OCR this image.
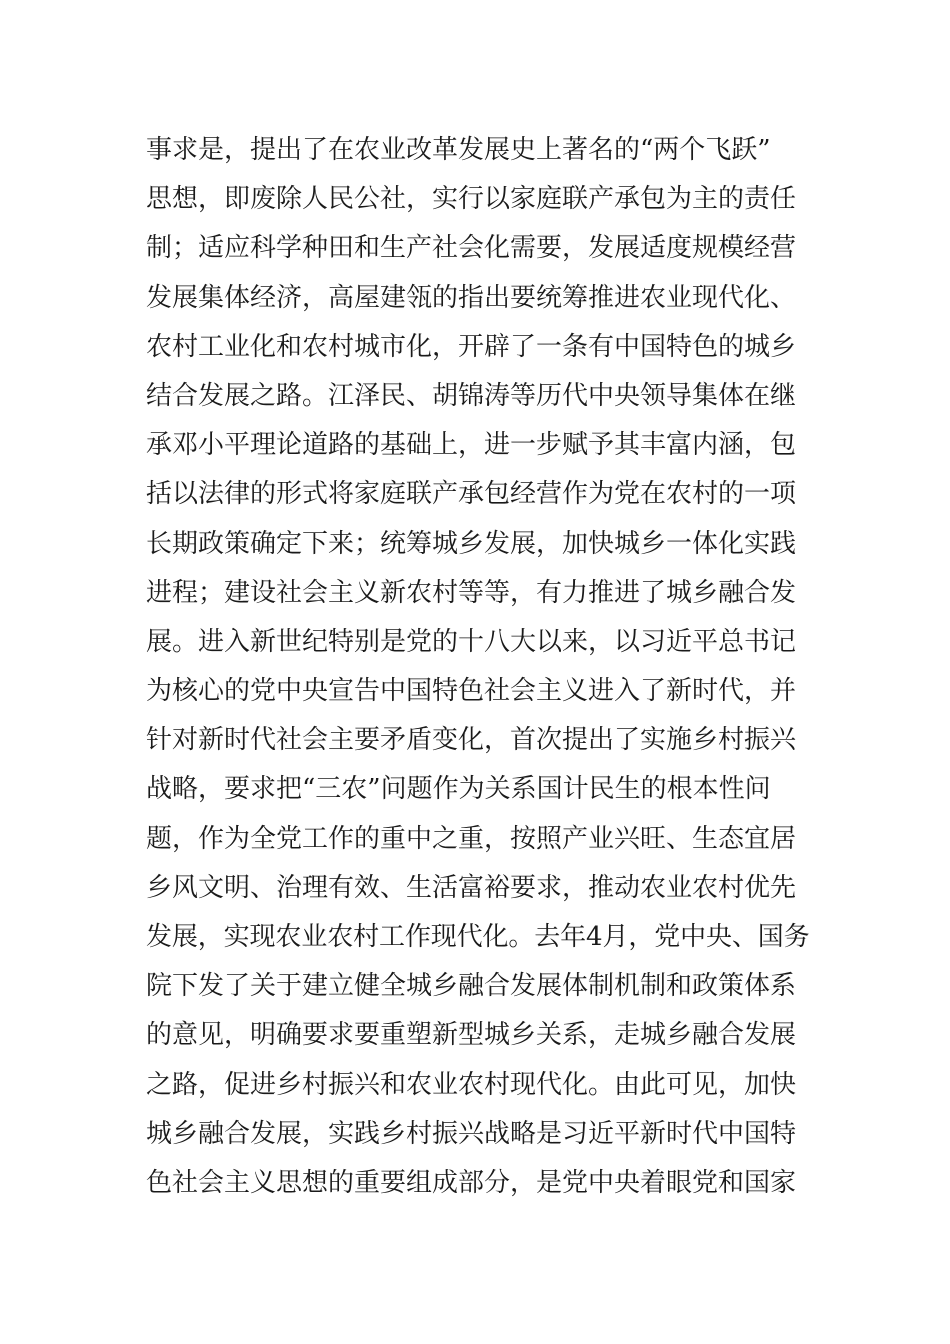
事求是，提出了在农业改革发展史上著名的“两个飞跃”
思想，即废除人民公社，实行以家庭联产承包为主的责任
制；适应科学种田和生产社会化需要，发展适度规模经营
发展集体经济，高屋建瓴的指出要统筹推进农业现代化、
农村工业化和农村城市化，开辟了一条有中国特色的城乡
结合发展之路。江泽民、胡锦涛等历代中央领导集体在继
承邓小平理论道路的基础上，进一步赋予其丰富内涵，包
括以法律的形式将家庭联产承包经营作为党在农村的一项
长期政策确定下来；统筹城乡发展，加快城乡一体化实践
进程；建设社会主义新农村等等，有力推进了城乡融合发
展。进入新世纪特别是党的十八大以来，以习近平总书记
为核心的党中央宣告中国特色社会主义进入了新时代，并
针对新时代社会主要矛盾变化，首次提出了实施乡村振兴
战略，要求把“三农”问题作为关系国计民生的根本性问
题，作为全党工作的重中之重，按照产业兴旺、生态宜居
乡风文明、治理有效、生活富裕要求，推动农业农村优先
发展，实现农业农村工作现代化。去年4月，党中央、国务
院下发了关于建立健全城乡融合发展体制机制和政策体系
的意见，明确要求要重塑新型城乡关系，走城乡融合发展
之路，促进乡村振兴和农业农村现代化。由此可见，加快
城乡融合发展，实践乡村振兴战略是习近平新时代中国特
色社会主义思想的重要组成部分，是党中央着眼党和国家
